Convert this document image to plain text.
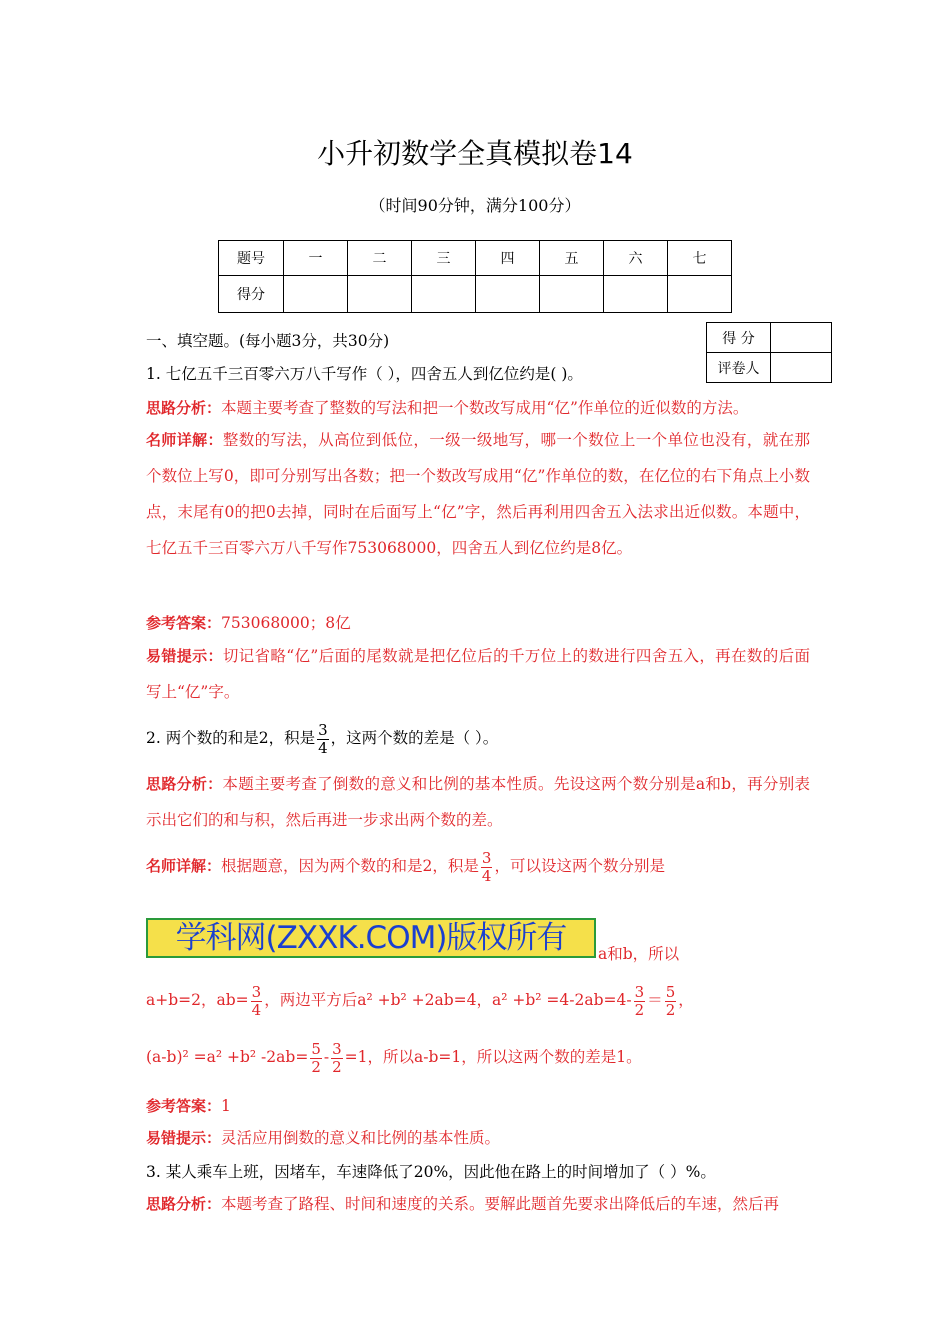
小升初数学全真模拟卷14
（时间90分钟，满分100分）
题号	一	二	三	四	五	六	七
得分							
得 分	
评卷人	
一、填空题。(每小题3分，共30分)
1. 七亿五千三百零六万八千写作（ ），四舍五人到亿位约是( )。
思路分析：本题主要考查了整数的写法和把一个数改写成用“亿”作单位的近似数的方法。
名师详解：整数的写法，从高位到低位，一级一级地写，哪一个数位上一个单位也没有，就在那个数位上写0，即可分别写出各数；把一个数改写成用“亿”作单位的数，在亿位的右下角点上小数点，末尾有0的把0去掉，同时在后面写上“亿”字，然后再利用四舍五入法求出近似数。本题中，七亿五千三百零六万八千写作753068000，四舍五人到亿位约是8亿。
参考答案：753068000；8亿
易错提示：切记省略“亿”后面的尾数就是把亿位后的千万位上的数进行四舍五入，再在数的后面写上“亿”字。
2. 两个数的和是2，积是 $\frac{3}{4}$ ，这两个数的差是（ ）。
思路分析：本题主要考查了倒数的意义和比例的基本性质。先设这两个数分别是a和b，再分别表示出它们的和与积，然后再进一步求出两个数的差。
名师详解：根据题意，因为两个数的和是2，积是 $\frac{3}{4}$ ，可以设这两个数分别是
学科网(ZXXK.COM)版权所有	a和b，所以
a+b=2，$ab= \frac{3}{4}$ ，两边平方后a² +b² +2ab=4，$a^2 +b^2 =4-2ab=4- \frac{3}{2} = \frac{5}{2}$ ，
(a-b)² =a² +b² $-2ab= \frac{5}{2} - \frac{3}{2} =1$，所以a-b=1，所以这两个数的差是1。
参考答案：1
易错提示：灵活应用倒数的意义和比例的基本性质。
3. 某人乘车上班，因堵车，车速降低了20%，因此他在路上的时间增加了（ ）%。
思路分析：本题考查了路程、时间和速度的关系。要解此题首先要求出降低后的车速，然后再
